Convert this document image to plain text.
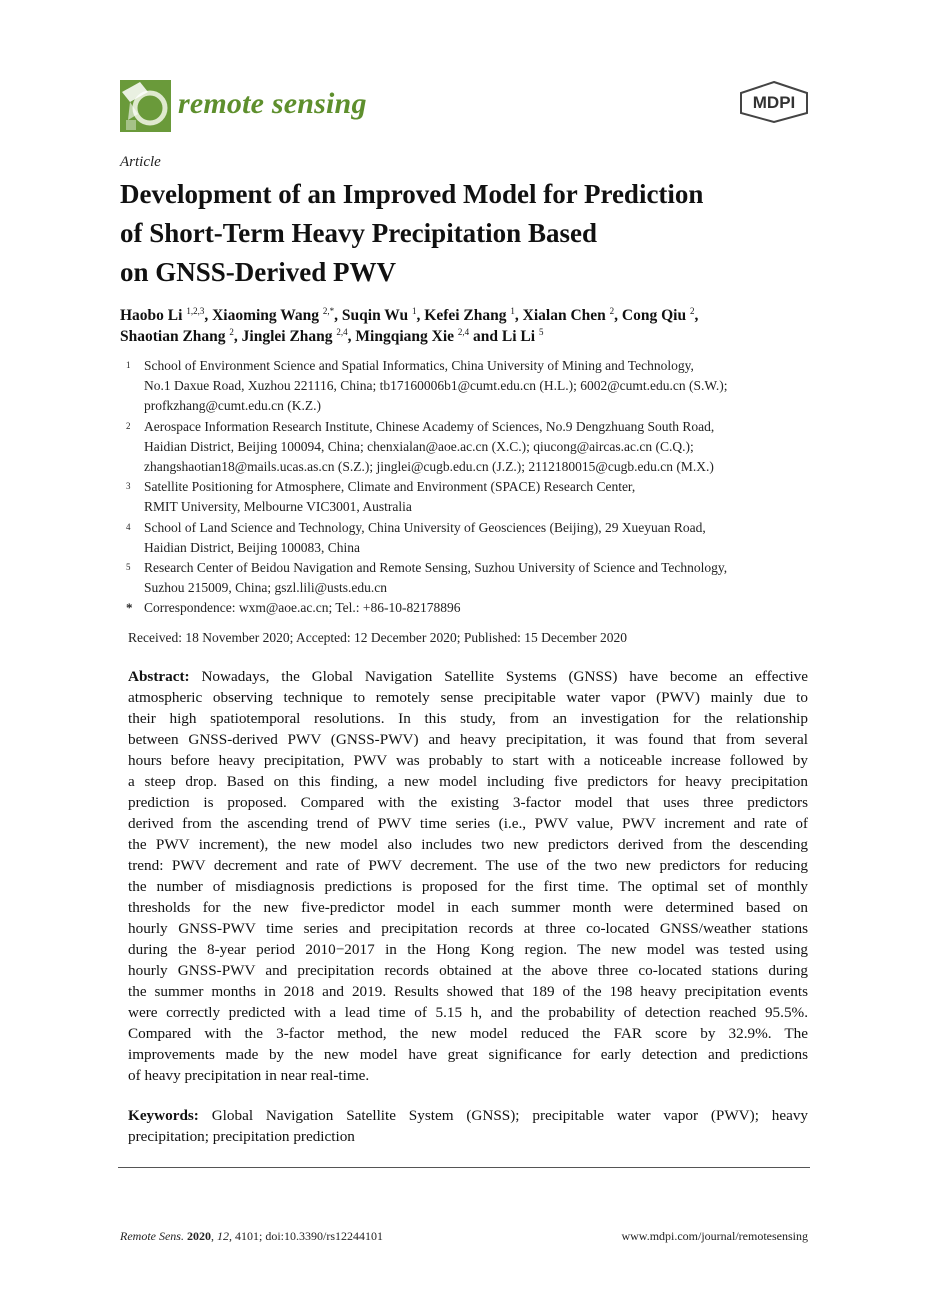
remote sensing	MDPI
Article
Development of an Improved Model for Prediction
of Short-Term Heavy Precipitation Based
on GNSS-Derived PWV
Haobo Li $^{1,2,3}$, Xiaoming Wang $^{2,*}$, Suqin Wu $^1$, Kefei Zhang $^1$, Xialan Chen $^2$, Cong Qiu $^2$,
Shaotian Zhang $^2$, Jinglei Zhang $^{2,4}$, Mingqiang Xie $^{2,4}$ and Li Li $^5$
1 School of Environment Science and Spatial Informatics, China University of Mining and Technology,
No.1 Daxue Road, Xuzhou 221116, China; tb17160006b1@cumt.edu.cn (H.L.); 6002@cumt.edu.cn (S.W.);
profkzhang@cumt.edu.cn (K.Z.)
2 Aerospace Information Research Institute, Chinese Academy of Sciences, No.9 Dengzhuang South Road,
Haidian District, Beijing 100094, China; chenxialan@aoe.ac.cn (X.C.); qiucong@aircas.ac.cn (C.Q.);
zhangshaotian18@mails.ucas.as.cn (S.Z.); jinglei@cugb.edu.cn (J.Z.); 2112180015@cugb.edu.cn (M.X.)
3 Satellite Positioning for Atmosphere, Climate and Environment (SPACE) Research Center,
RMIT University, Melbourne VIC3001, Australia
4 School of Land Science and Technology, China University of Geosciences (Beijing), 29 Xueyuan Road,
Haidian District, Beijing 100083, China
5 Research Center of Beidou Navigation and Remote Sensing, Suzhou University of Science and Technology,
Suzhou 215009, China; gszl.lili@usts.edu.cn
* Correspondence: wxm@aoe.ac.cn; Tel.: +86-10-82178896
Received: 18 November 2020; Accepted: 12 December 2020; Published: 15 December 2020
Abstract: Nowadays, the Global Navigation Satellite Systems (GNSS) have become an effective
atmospheric observing technique to remotely sense precipitable water vapor (PWV) mainly due to
their high spatiotemporal resolutions. In this study, from an investigation for the relationship
between GNSS-derived PWV (GNSS-PWV) and heavy precipitation, it was found that from several
hours before heavy precipitation, PWV was probably to start with a noticeable increase followed by
a steep drop. Based on this finding, a new model including five predictors for heavy precipitation
prediction is proposed. Compared with the existing 3-factor model that uses three predictors
derived from the ascending trend of PWV time series (i.e., PWV value, PWV increment and rate of
the PWV increment), the new model also includes two new predictors derived from the descending
trend: PWV decrement and rate of PWV decrement. The use of the two new predictors for reducing
the number of misdiagnosis predictions is proposed for the first time. The optimal set of monthly
thresholds for the new five-predictor model in each summer month were determined based on
hourly GNSS-PWV time series and precipitation records at three co-located GNSS/weather stations
during the 8-year period 2010−2017 in the Hong Kong region. The new model was tested using
hourly GNSS-PWV and precipitation records obtained at the above three co-located stations during
the summer months in 2018 and 2019. Results showed that 189 of the 198 heavy precipitation events
were correctly predicted with a lead time of 5.15 h, and the probability of detection reached 95.5%.
Compared with the 3-factor method, the new model reduced the FAR score by 32.9%. The
improvements made by the new model have great significance for early detection and predictions
of heavy precipitation in near real-time.
Keywords: Global Navigation Satellite System (GNSS); precipitable water vapor (PWV); heavy
precipitation; precipitation prediction
Remote Sens. 2020, 12, 4101; doi:10.3390/rs12244101	www.mdpi.com/journal/remotesensing
